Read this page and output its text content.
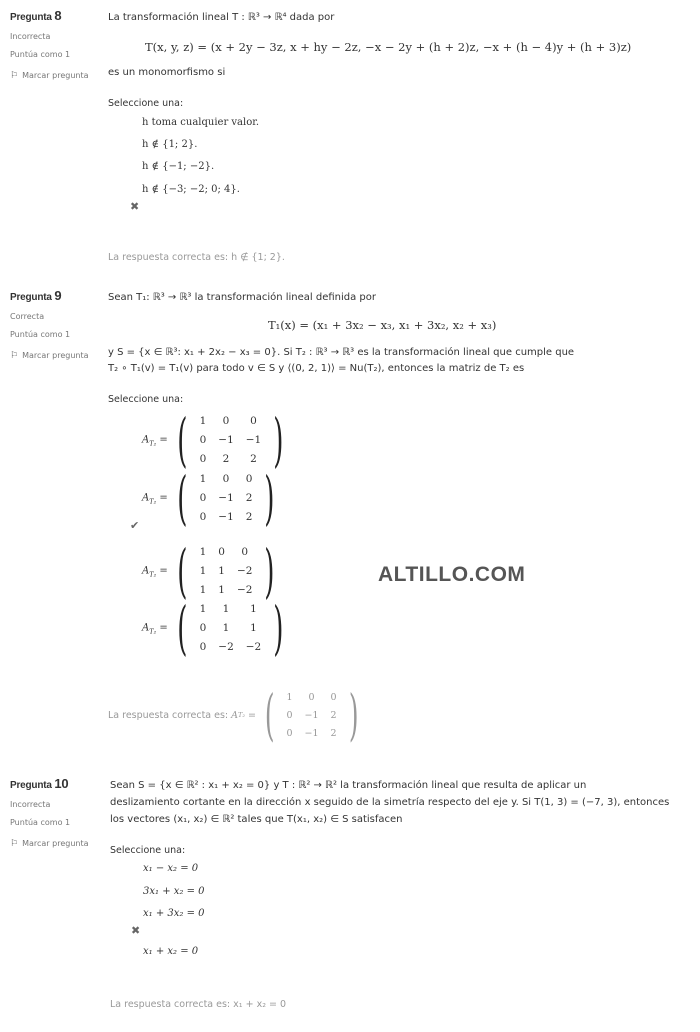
Pregunta 8
Incorrecta
Puntúa como 1
⚐ Marcar pregunta
La transformación lineal T : ℝ³ → ℝ⁴ dada por
T(x, y, z) = (x + 2y − 3z, x + hy − 2z, −x − 2y + (h + 2)z, −x + (h − 4)y + (h + 3)z)
es un monomorfismo si
Seleccione una:
h toma cualquier valor.
h ∉ {1; 2}.
h ∉ {−1; −2}.
h ∉ {−3; −2; 0; 4}.
✖
La respuesta correcta es: h ∉ {1; 2}.
Pregunta 9
Correcta
Puntúa como 1
⚐ Marcar pregunta
Sean T₁: ℝ³ → ℝ³ la transformación lineal definida por
T₁(x) = (x₁ + 3x₂ − x₃, x₁ + 3x₂, x₂ + x₃)
y S = {x ∈ ℝ³: x₁ + 2x₂ − x₃ = 0}. Si T₂ : ℝ³ → ℝ³ es la transformación lineal que cumple que
T₂ ∘ T₁(v) = T₁(v) para todo v ∈ S y ⟨(0, 2, 1)⟩ = Nu(T₂), entonces la matriz de T₂ es
Seleccione una:
$A_{T_2}$ = ( 1	0	0
0	−1	−1
0	2	2 )
$A_{T_2}$ = ( 1	0	0
0	−1	2
0	−1	2 )
✔
$A_{T_2}$ = ( 1	0	0
1	1	−2
1	1	−2 )
$A_{T_2}$ = ( 1	1	1
0	1	1
0	−2	−2 )
La respuesta correcta es:
A T₂ = ( 1	0	0
0	−1	2
0	−1	2 )
ALTILLO.COM
Pregunta 10
Incorrecta
Puntúa como 1
⚐ Marcar pregunta
Sean S = {x ∈ ℝ² : x₁ + x₂ = 0} y T : ℝ² → ℝ² la transformación lineal que resulta de aplicar un
deslizamiento cortante en la dirección x seguido de la simetría respecto del eje y. Si T(1, 3) = (−7, 3), entonces
los vectores (x₁, x₂) ∈ ℝ² tales que T(x₁, x₂) ∈ S satisfacen
Seleccione una:
x₁ − x₂ = 0
3x₁ + x₂ = 0
x₁ + 3x₂ = 0
✖
x₁ + x₂ = 0
La respuesta correcta es: x₁ + x₂ = 0
